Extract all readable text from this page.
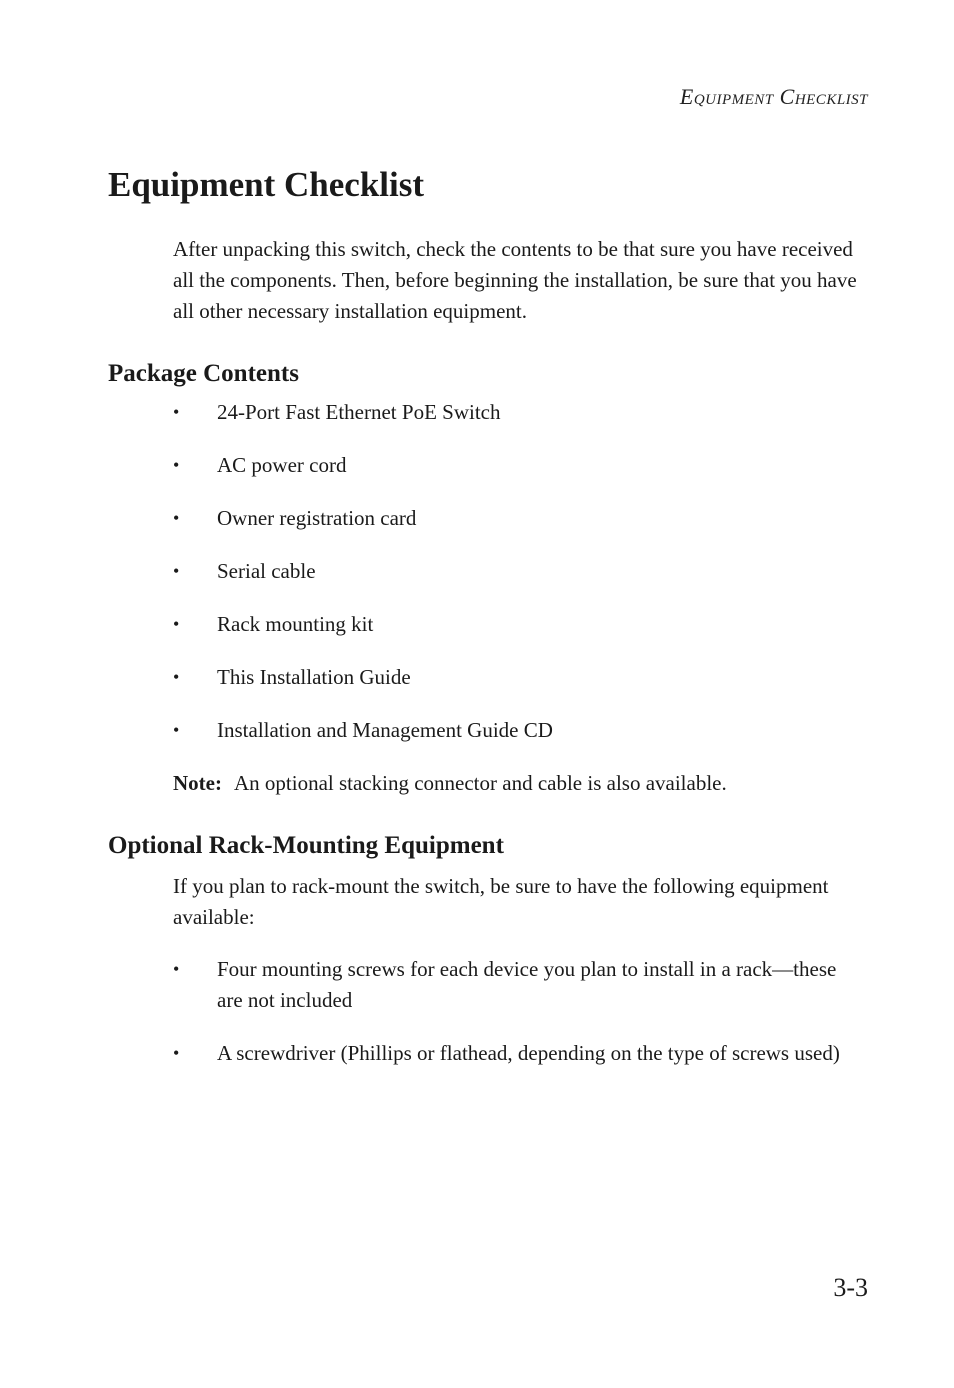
Equipment Checklist
Equipment Checklist

After unpacking this switch, check the contents to be that sure you have received all the components. Then, before beginning the installation, be sure that you have all other necessary installation equipment.

Package Contents
•	24-Port Fast Ethernet PoE Switch
•	AC power cord
•	Owner registration card
•	Serial cable
•	Rack mounting kit
•	This Installation Guide
•	Installation and Management Guide CD

Note: An optional stacking connector and cable is also available.

Optional Rack-Mounting Equipment

If you plan to rack-mount the switch, be sure to have the following equipment available:

•	Four mounting screws for each device you plan to install in a rack—these are not included
•	A screwdriver (Phillips or flathead, depending on the type of screws used)
3-3
